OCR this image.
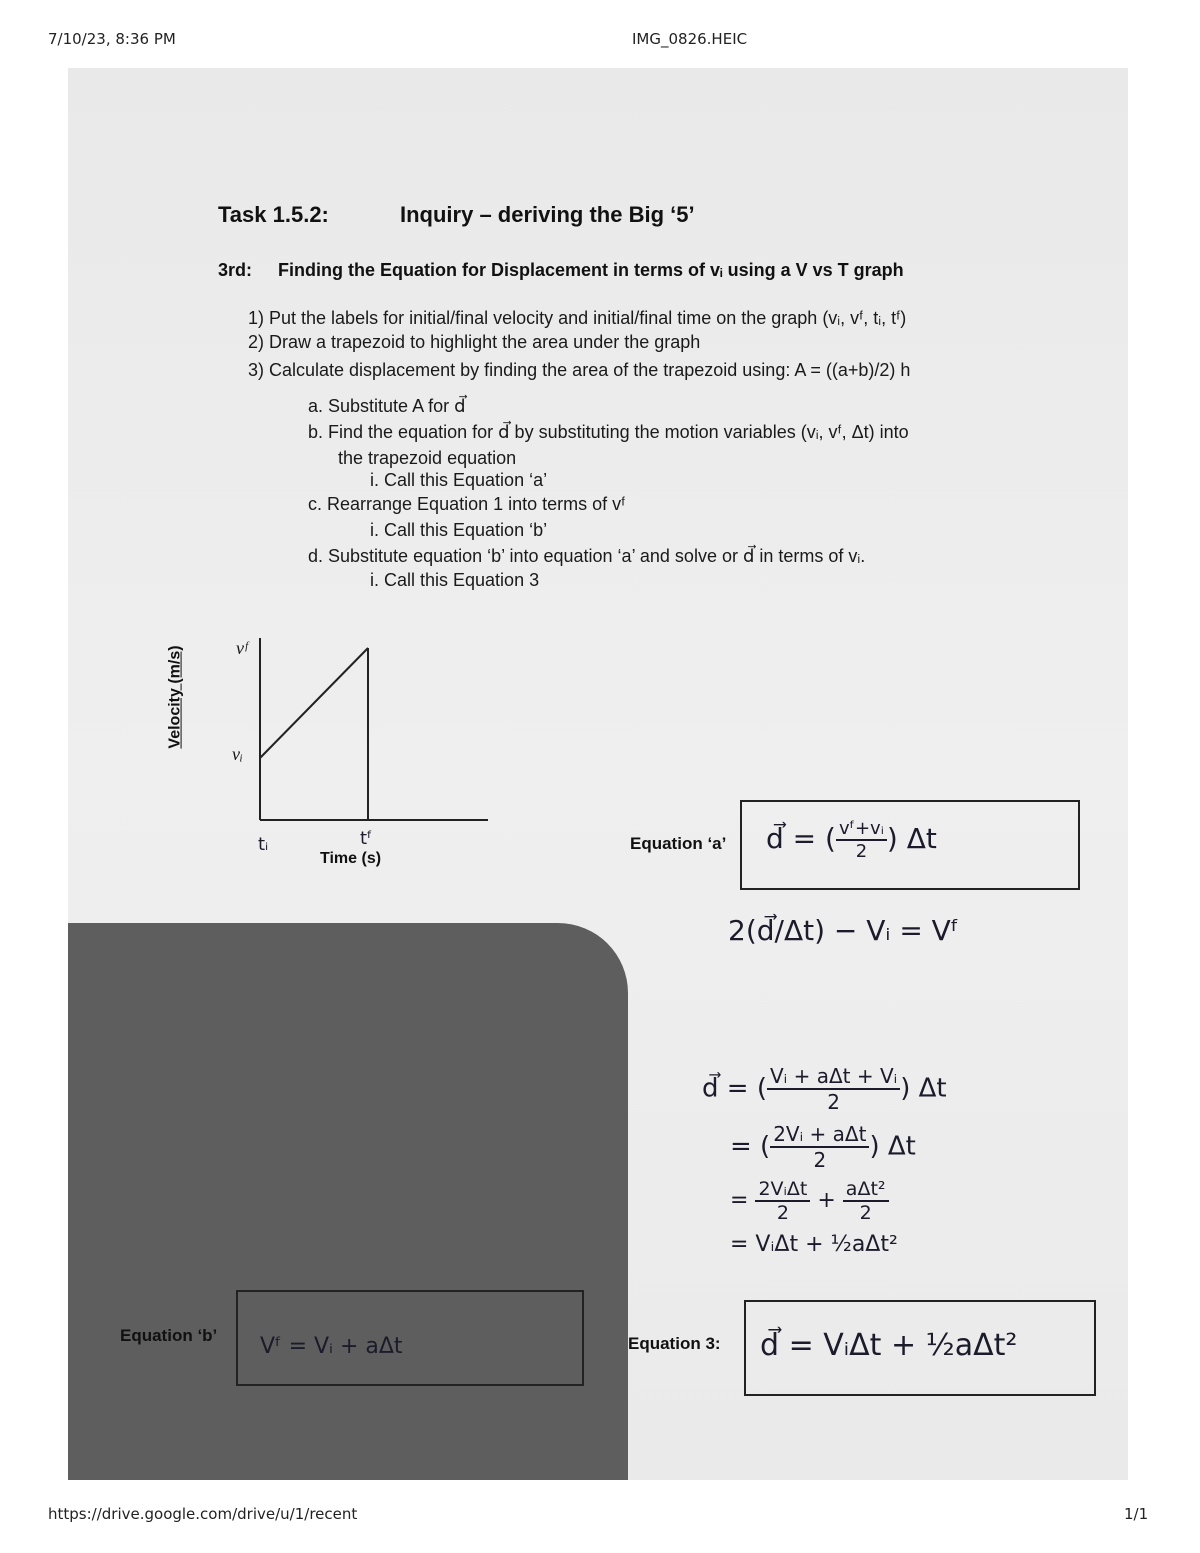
7/10/23, 8:36 PM	IMG_0826.HEIC
https://drive.google.com/drive/u/1/recent	1/1
Task 1.5.2:	Inquiry – deriving the Big ‘5’
3rd: Finding the Equation for Displacement in terms of vᵢ using a V vs T graph
1) Put the labels for initial/final velocity and initial/final time on the graph (vᵢ, vᶠ, tᵢ, tᶠ)
2) Draw a trapezoid to highlight the area under the graph
3) Calculate displacement by finding the area of the trapezoid using: A = ((a+b)/2) h
a. Substitute A for d⃗
b. Find the equation for d⃗ by substituting the motion variables (vᵢ, vᶠ, Δt) into
the trapezoid equation
i. Call this Equation ‘a’
c. Rearrange Equation 1 into terms of vᶠ
i. Call this Equation ‘b’
d. Substitute equation ‘b’ into equation ‘a’ and solve or d⃗ in terms of vᵢ.
i. Call this Equation 3
Velocity (m/s)	vᶠ
vᵢ
tᵢ	tᶠ
Time (s)
Equation ‘a’ d⃗ = ( $\frac{\text{vᶠ+vᵢ}}{2}$ ) Δt
2(d⃗/Δt) − Vᵢ = Vᶠ
d⃗ = ( $\frac{\text{Vᵢ + aΔt + Vᵢ}}{2}$ ) Δt
= ( $\frac{\text{2Vᵢ + aΔt}}{2}$ ) Δt
= $\frac{\text{2VᵢΔt}}{2} + \frac{\text{aΔt²}}{2}$
= VᵢΔt + ½aΔt²
Equation ‘b’ Vᶠ = Vᵢ + aΔt	Equation 3: d⃗ = VᵢΔt + ½aΔt²
